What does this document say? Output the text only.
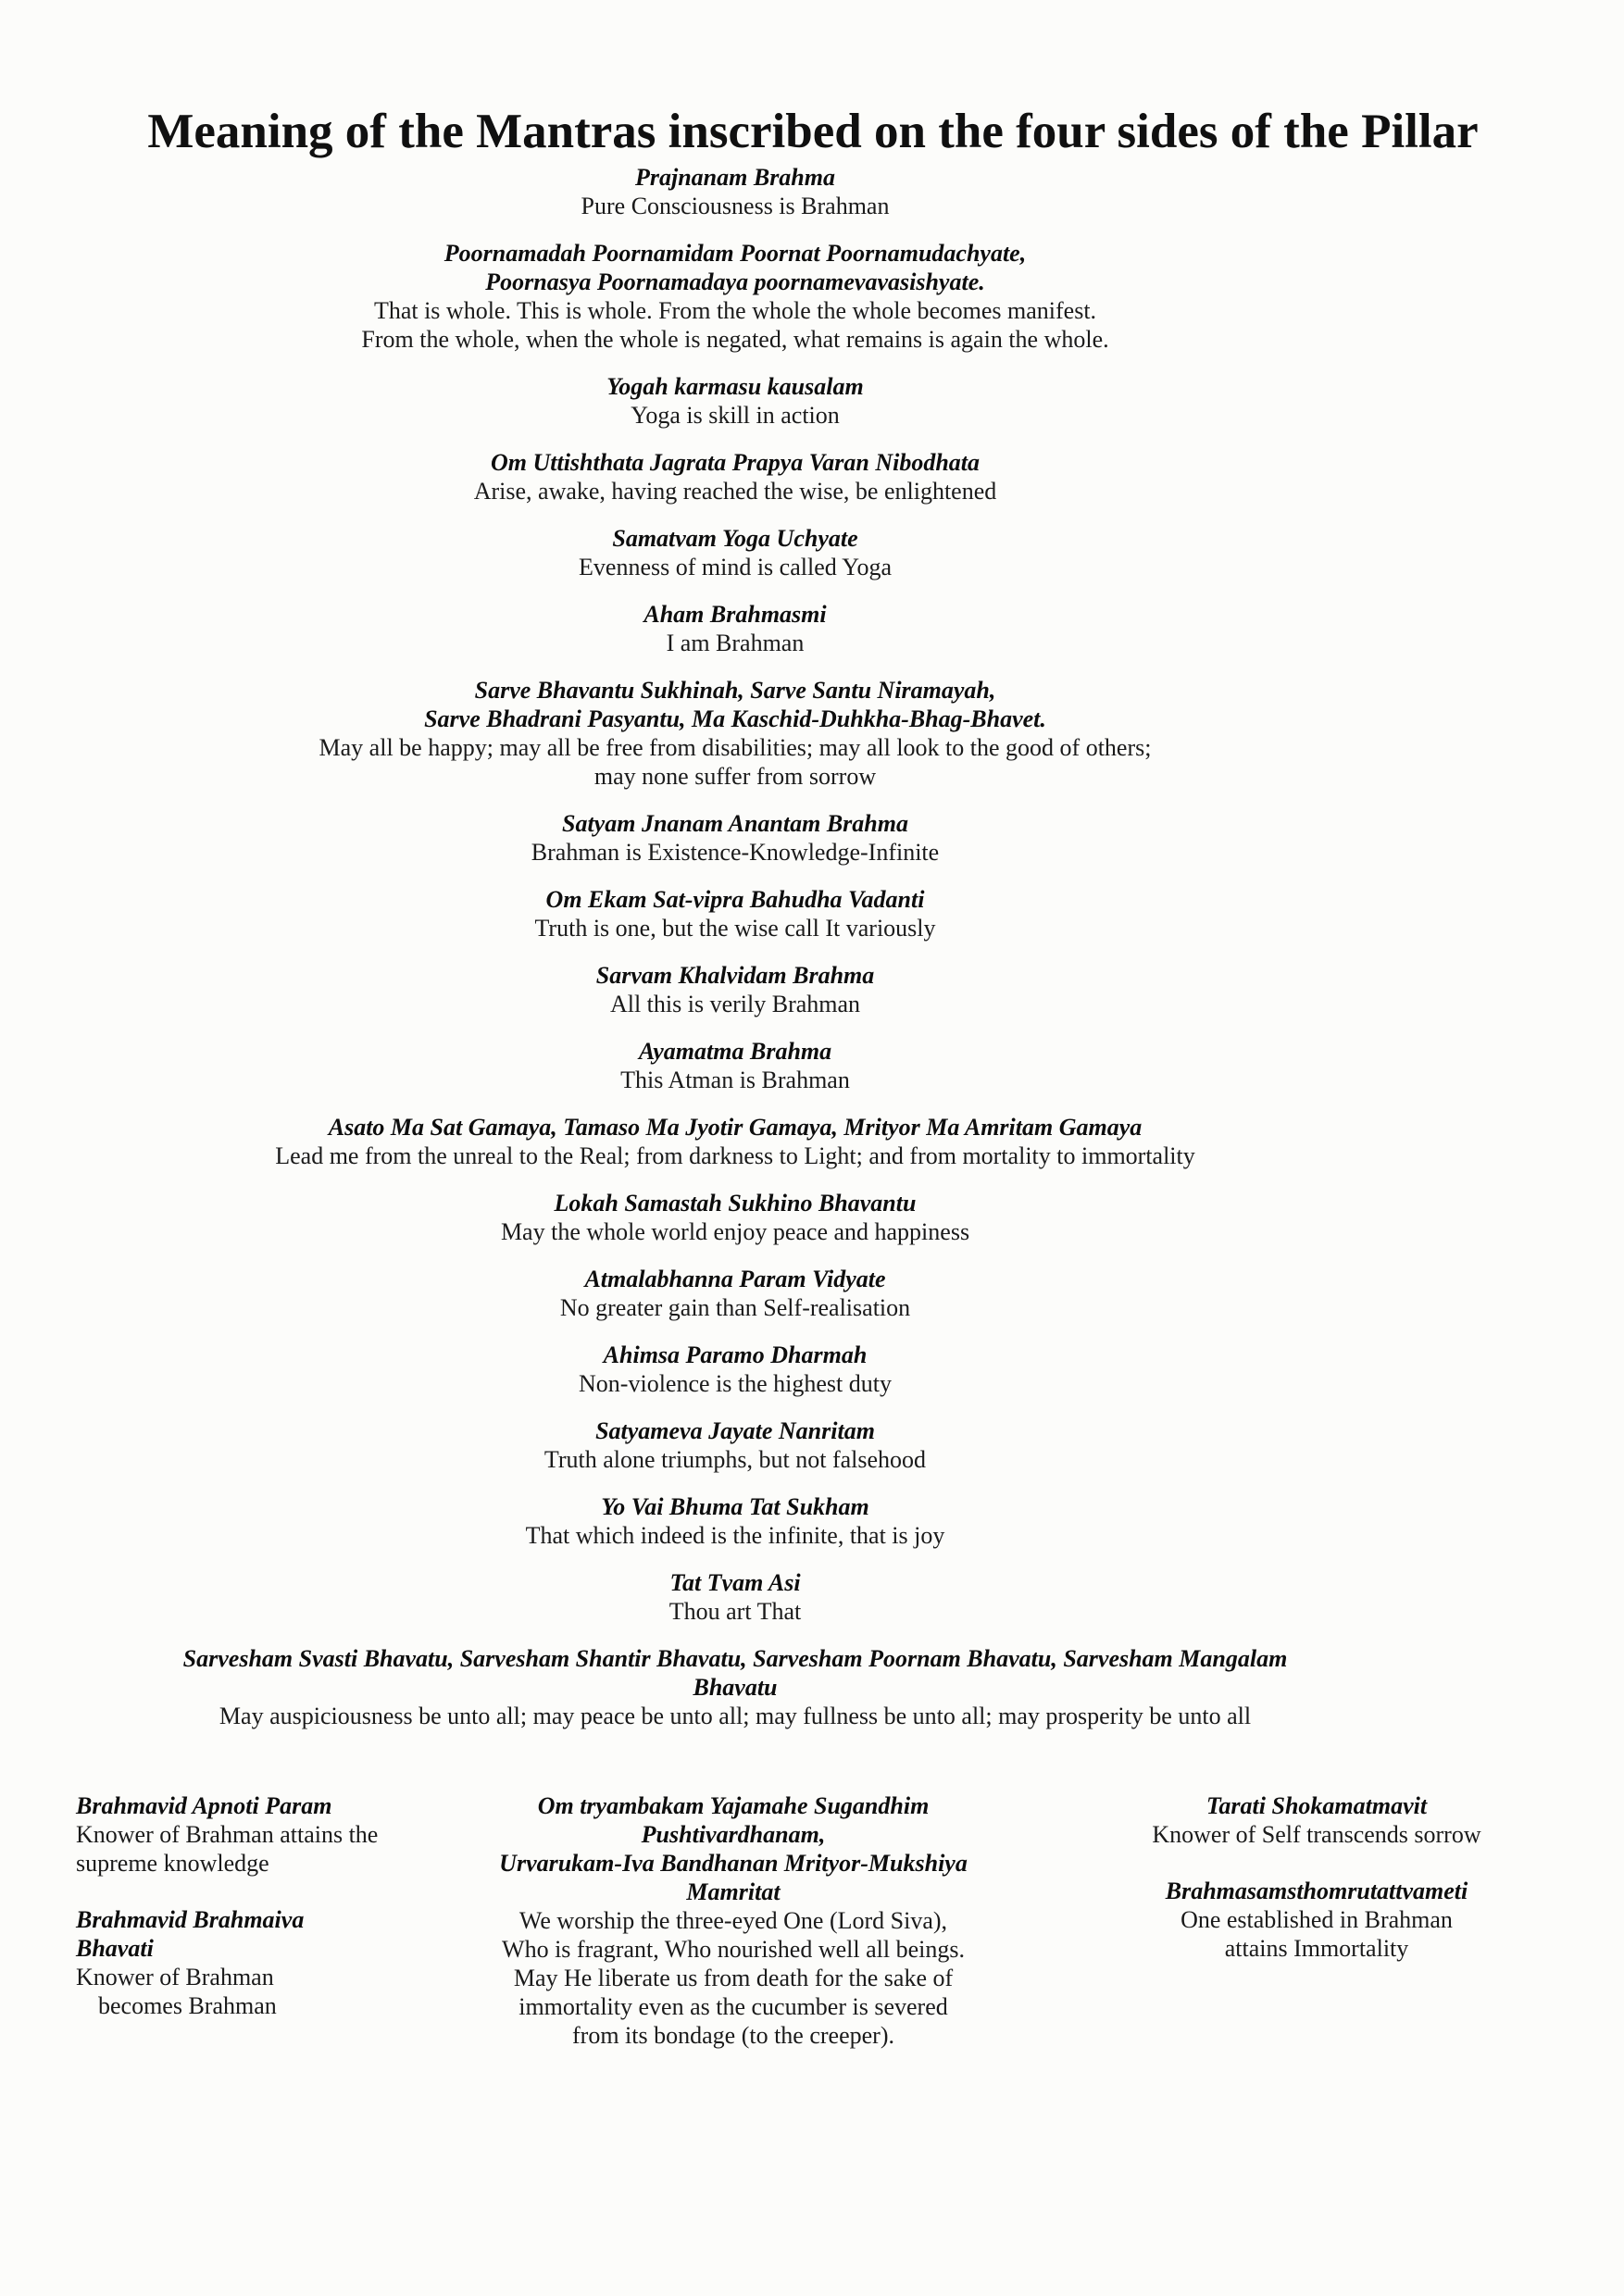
Meaning of the Mantras inscribed on the four sides of the Pillar

Prajnanam Brahma

Pure Consciousness is Brahman

Poornamadah Poornamidam Poornat Poornamudachyate,

Poornasya Poornamadaya poornamevavasishyate.

That is whole. This is whole. From the whole the whole becomes manifest.

From the whole, when the whole is negated, what remains is again the whole.

Yogah karmasu kausalam

Yoga is skill in action

Om Uttishthata Jagrata Prapya Varan Nibodhata

Arise, awake, having reached the wise, be enlightened

Samatvam Yoga Uchyate

Evenness of mind is called Yoga

Aham Brahmasmi

I am Brahman

Sarve Bhavantu Sukhinah, Sarve Santu Niramayah,

Sarve Bhadrani Pasyantu, Ma Kaschid-Duhkha-Bhag-Bhavet.

May all be happy; may all be free from disabilities; may all look to the good of others;

may none suffer from sorrow

Satyam Jnanam Anantam Brahma

Brahman is Existence-Knowledge-Infinite

Om Ekam Sat-vipra Bahudha Vadanti

Truth is one, but the wise call It variously

Sarvam Khalvidam Brahma

All this is verily Brahman

Ayamatma Brahma

This Atman is Brahman

Asato Ma Sat Gamaya, Tamaso Ma Jyotir Gamaya, Mrityor Ma Amritam Gamaya

Lead me from the unreal to the Real; from darkness to Light; and from mortality to immortality

Lokah Samastah Sukhino Bhavantu

May the whole world enjoy peace and happiness

Atmalabhanna Param Vidyate

No greater gain than Self-realisation

Ahimsa Paramo Dharmah

Non-violence is the highest duty

Satyameva Jayate Nanritam

Truth alone triumphs, but not falsehood

Yo Vai Bhuma Tat Sukham

That which indeed is the infinite, that is joy

Tat Tvam Asi

Thou art That

Sarvesham Svasti Bhavatu, Sarvesham Shantir Bhavatu, Sarvesham Poornam Bhavatu, Sarvesham Mangalam

Bhavatu

May auspiciousness be unto all; may peace be unto all; may fullness be unto all; may prosperity be unto all

Brahmavid Apnoti Param

Knower of Brahman attains the

supreme knowledge

Brahmavid Brahmaiva Bhavati

Knower of Brahman

becomes Brahman

Om tryambakam Yajamahe Sugandhim

Pushtivardhanam,

Urvarukam-Iva Bandhanan Mrityor-Mukshiya

Mamritat

We worship the three-eyed One (Lord Siva),

Who is fragrant, Who nourished well all beings.

May He liberate us from death for the sake of

immortality even as the cucumber is severed

from its bondage (to the creeper).

Tarati Shokamatmavit

Knower of Self transcends sorrow

Brahmasamsthomrutattvameti

One established in Brahman

attains Immortality
